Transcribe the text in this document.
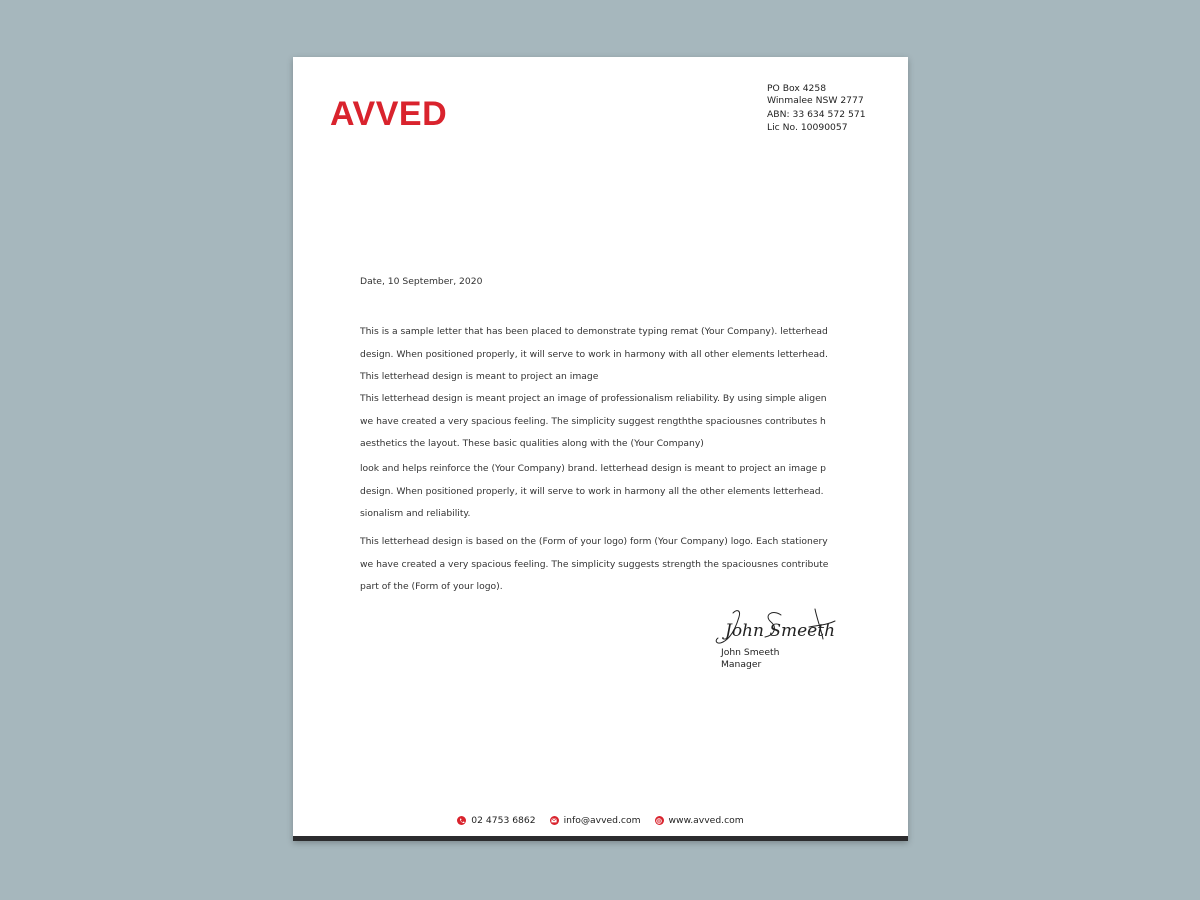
AVVED
PO Box 4258
Winmalee NSW 2777
ABN: 33 634 572 571
Lic No. 10090057
Date, 10 September, 2020
This is a sample letter that has been placed to demonstrate typing remat (Your Company). letterhead
design. When positioned properly, it will serve to work in harmony with all other elements letterhead.
This letterhead design is meant to project an image
This letterhead design is meant project an image of professionalism reliability. By using simple aligen
we have created a very spacious feeling. The simplicity suggest rengththe spaciousnes contributes h
aesthetics the layout. These basic qualities along with the (Your Company)
look and helps reinforce the (Your Company) brand. letterhead design is meant to project an image p
design. When positioned properly, it will serve to work in harmony all the other elements letterhead.
sionalism and reliability.
This letterhead design is based on the (Form of your logo) form (Your Company) logo. Each stationery
we have created a very spacious feeling. The simplicity suggests strength the spaciousnes contribute
part of the (Form of your logo).
John Smeeth
John Smeeth
Manager
02 4753 6862	info@avved.com	www.avved.com
